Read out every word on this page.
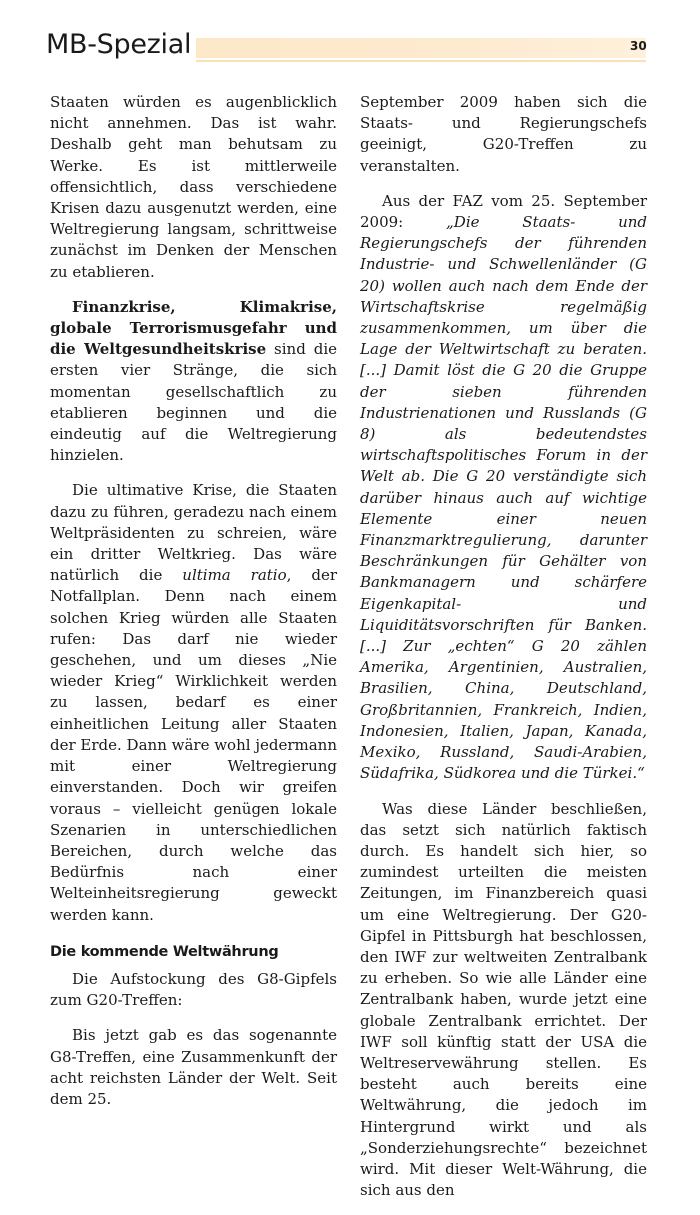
MB-Spezial	30

Staaten würden es augenblicklich nicht annehmen. Das ist wahr. Deshalb geht man behutsam zu Werke. Es ist mittlerweile offensichtlich, dass verschiedene Krisen dazu ausgenutzt werden, eine Weltregierung langsam, schrittweise zunächst im Denken der Menschen zu etablieren.

Finanzkrise, Klimakrise, globale Terrorismusgefahr und die Weltgesundheitskrise sind die ersten vier Stränge, die sich momentan gesellschaftlich zu etablieren beginnen und die eindeutig auf die Weltregierung hinzielen.

Die ultimative Krise, die Staaten dazu zu führen, geradezu nach einem Weltpräsidenten zu schreien, wäre ein dritter Weltkrieg. Das wäre natürlich die ultima ratio, der Notfallplan. Denn nach einem solchen Krieg würden alle Staaten rufen: Das darf nie wieder geschehen, und um dieses „Nie wieder Krieg“ Wirklichkeit werden zu lassen, bedarf es einer einheitlichen Leitung aller Staaten der Erde. Dann wäre wohl jedermann mit einer Weltregierung einverstanden. Doch wir greifen voraus – vielleicht genügen lokale Szenarien in unterschiedlichen Bereichen, durch welche das Bedürfnis nach einer Welteinheitsregierung geweckt werden kann.

Die kommende Weltwährung

Die Aufstockung des G8-Gipfels zum G20-Treffen:

Bis jetzt gab es das sogenannte G8-Treffen, eine Zusammenkunft der acht reichsten Länder der Welt. Seit dem 25.

September 2009 haben sich die Staats- und Regierungschefs geeinigt, G20-Treffen zu veranstalten.

Aus der FAZ vom 25. September 2009: „Die Staats- und Regierungschefs der führenden Industrie- und Schwellenländer (G 20) wollen auch nach dem Ende der Wirtschaftskrise regelmäßig zusammenkommen, um über die Lage der Weltwirtschaft zu beraten. [...] Damit löst die G 20 die Gruppe der sieben führenden Industrienationen und Russlands (G 8) als bedeutendstes wirtschaftspolitisches Forum in der Welt ab. Die G 20 verständigte sich darüber hinaus auch auf wichtige Elemente einer neuen Finanzmarktregulierung, darunter Beschränkungen für Gehälter von Bankmanagern und schärfere Eigenkapital- und Liquiditätsvorschriften für Banken. [...] Zur „echten“ G 20 zählen Amerika, Argentinien, Australien, Brasilien, China, Deutschland, Großbritannien, Frankreich, Indien, Indonesien, Italien, Japan, Kanada, Mexiko, Russland, Saudi-Arabien, Südafrika, Südkorea und die Türkei.“

Was diese Länder beschließen, das setzt sich natürlich faktisch durch. Es handelt sich hier, so zumindest urteilten die meisten Zeitungen, im Finanzbereich quasi um eine Weltregierung. Der G20-Gipfel in Pittsburgh hat beschlossen, den IWF zur weltweiten Zentralbank zu erheben. So wie alle Länder eine Zentralbank haben, wurde jetzt eine globale Zentralbank errichtet. Der IWF soll künftig statt der USA die Weltreservewährung stellen. Es besteht auch bereits eine Weltwährung, die jedoch im Hintergrund wirkt und als „Sonderziehungsrechte“ bezeichnet wird. Mit dieser Welt-Währung, die sich aus den
